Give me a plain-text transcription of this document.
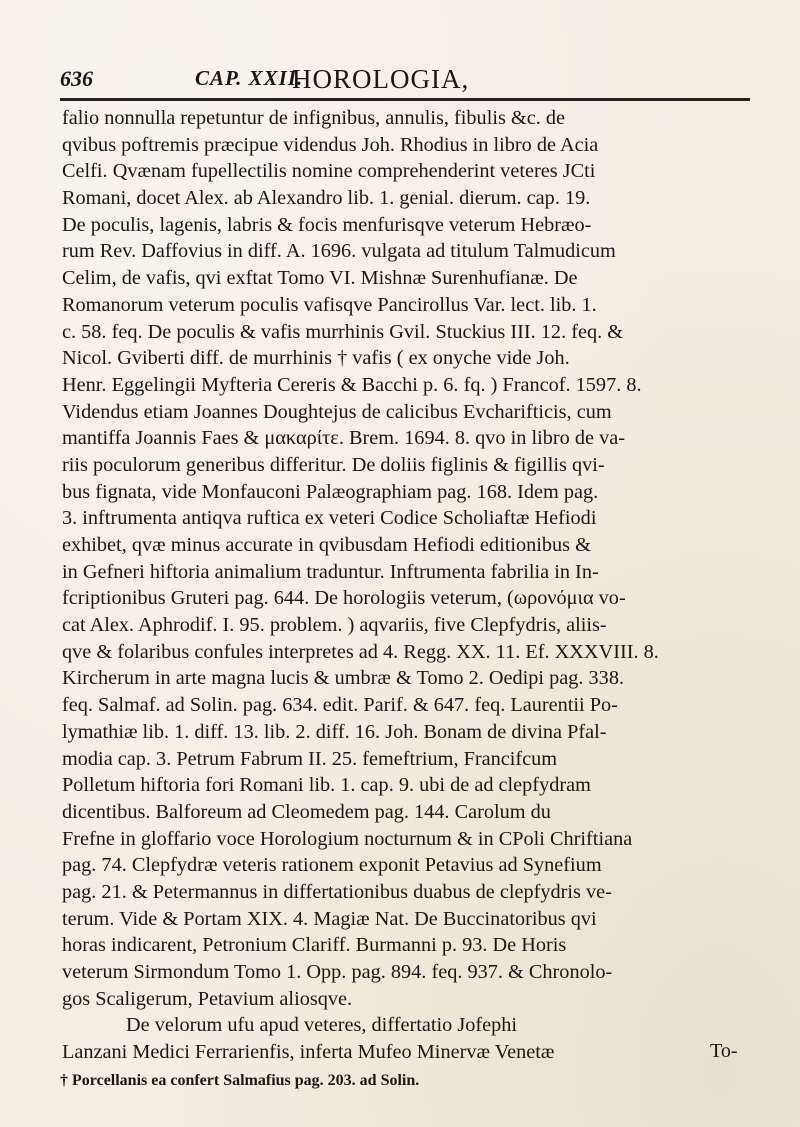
636	CAP. XXII.
HOROLOGIA,
falio nonnulla repetuntur de infignibus, annulis, fibulis &c. de
qvibus poftremis præcipue videndus Joh. Rhodius in libro de Acia
Celfi. Qvænam fupellectilis nomine comprehenderint veteres JCti
Romani, docet Alex. ab Alexandro lib. 1. genial. dierum. cap. 19.
De poculis, lagenis, labris & focis menfurisqve veterum Hebræo-
rum Rev. Daffovius in diff. A. 1696. vulgata ad titulum Talmudicum
Celim, de vafis, qvi exftat Tomo VI. Mishnæ Surenhufianæ. De
Romanorum veterum poculis vafisqve Pancirollus Var. lect. lib. 1.
c. 58. feq. De poculis & vafis murrhinis Gvil. Stuckius III. 12. feq. &
Nicol. Gviberti diff. de murrhinis † vafis ( ex onyche vide Joh.
Henr. Eggelingii Myfteria Cereris & Bacchi p. 6. fq. ) Francof. 1597. 8.
Videndus etiam Joannes Doughtejus de calicibus Evcharifticis, cum
mantiffa Joannis Faes & μακαρίτε. Brem. 1694. 8. qvo in libro de va-
riis poculorum generibus differitur. De doliis figlinis & figillis qvi-
bus fignata, vide Monfauconi Palæographiam pag. 168. Idem pag.
3. inftrumenta antiqva ruftica ex veteri Codice Scholiaftæ Hefiodi
exhibet, qvæ minus accurate in qvibusdam Hefiodi editionibus &
in Gefneri hiftoria animalium traduntur. Inftrumenta fabrilia in In-
fcriptionibus Gruteri pag. 644. De horologiis veterum, (ωρονόμια vo-
cat Alex. Aphrodif. I. 95. problem. ) aqvariis, five Clepfydris, aliis-
qve & folaribus confules interpretes ad 4. Regg. XX. 11. Ef. XXXVIII. 8.
Kircherum in arte magna lucis & umbræ & Tomo 2. Oedipi pag. 338.
feq. Salmaf. ad Solin. pag. 634. edit. Parif. & 647. feq. Laurentii Po-
lymathiæ lib. 1. diff. 13. lib. 2. diff. 16. Joh. Bonam de divina Pfal-
modia cap. 3. Petrum Fabrum II. 25. femeftrium, Francifcum
Polletum hiftoria fori Romani lib. 1. cap. 9. ubi de ad clepfydram
dicentibus. Balforeum ad Cleomedem pag. 144. Carolum du
Frefne in gloffario voce Horologium nocturnum & in CPoli Chriftiana
pag. 74. Clepfydræ veteris rationem exponit Petavius ad Synefium
pag. 21. & Petermannus in differtationibus duabus de clepfydris ve-
terum. Vide & Portam XIX. 4. Magiæ Nat. De Buccinatoribus qvi
horas indicarent, Petronium Clariff. Burmanni p. 93. De Horis
veterum Sirmondum Tomo 1. Opp. pag. 894. feq. 937. & Chronolo-
gos Scaligerum, Petavium aliosqve.
De velorum ufu apud veteres, differtatio Jofephi
Lanzani Medici Ferrarienfis, inferta Mufeo Minervæ Venetæ	To-
† Porcellanis ea confert Salmafius pag. 203. ad Solin.
